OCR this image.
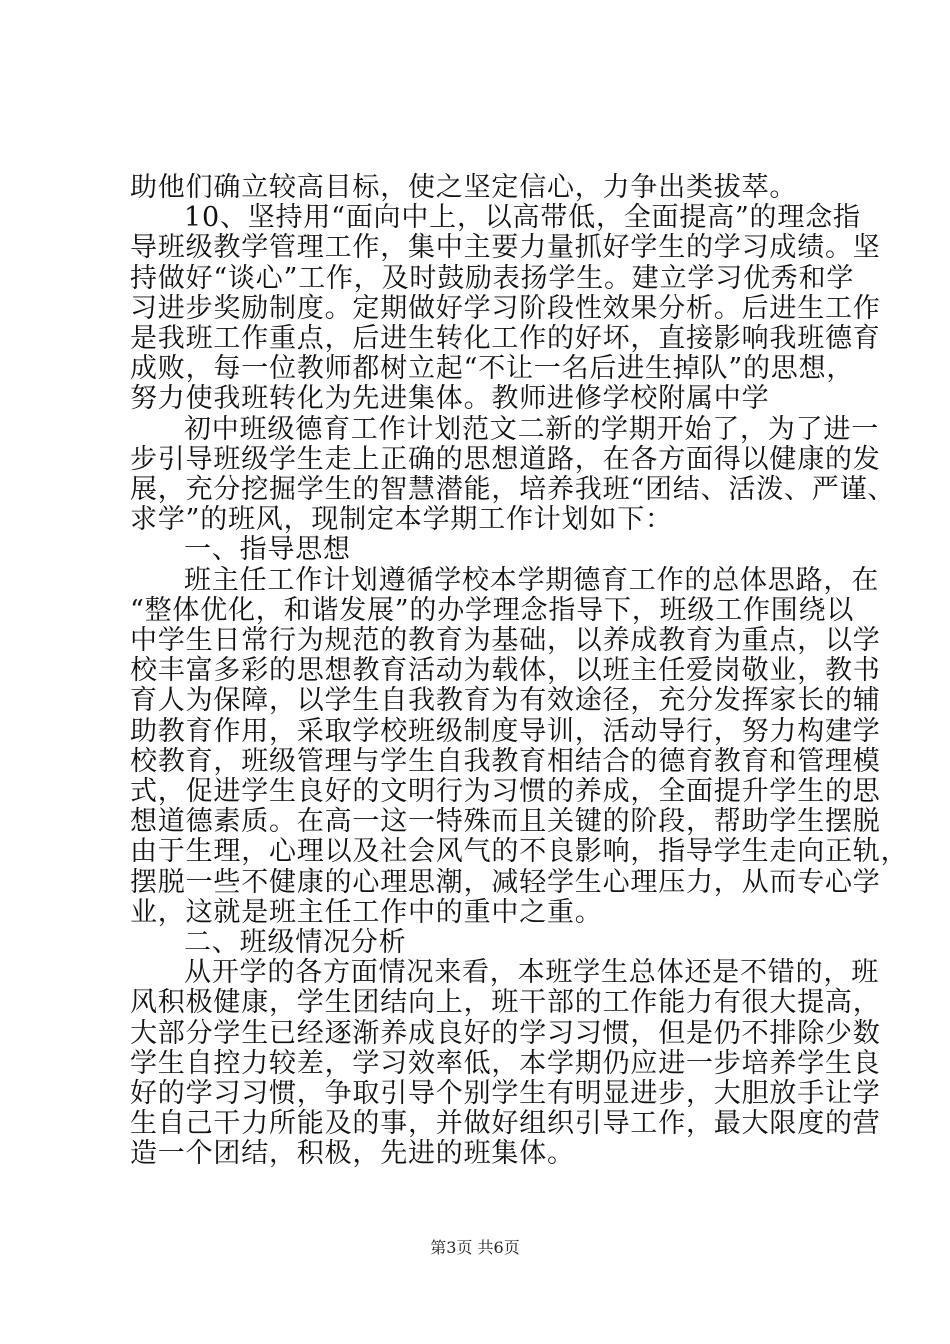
助他们确立较高目标，使之坚定信心，力争出类拔萃。
10、坚持用“面向中上，以高带低，全面提高”的理念指
导班级教学管理工作，集中主要力量抓好学生的学习成绩。坚
持做好“谈心”工作，及时鼓励表扬学生。建立学习优秀和学
习进步奖励制度。定期做好学习阶段性效果分析。后进生工作
是我班工作重点，后进生转化工作的好坏，直接影响我班德育
成败，每一位教师都树立起“不让一名后进生掉队”的思想，
努力使我班转化为先进集体。教师进修学校附属中学
初中班级德育工作计划范文二新的学期开始了，为了进一
步引导班级学生走上正确的思想道路，在各方面得以健康的发
展，充分挖掘学生的智慧潜能，培养我班“团结、活泼、严谨、
求学”的班风，现制定本学期工作计划如下：
一、指导思想
班主任工作计划遵循学校本学期德育工作的总体思路，在
“整体优化，和谐发展”的办学理念指导下，班级工作围绕以
中学生日常行为规范的教育为基础，以养成教育为重点，以学
校丰富多彩的思想教育活动为载体，以班主任爱岗敬业，教书
育人为保障，以学生自我教育为有效途径，充分发挥家长的辅
助教育作用，采取学校班级制度导训，活动导行，努力构建学
校教育，班级管理与学生自我教育相结合的德育教育和管理模
式，促进学生良好的文明行为习惯的养成，全面提升学生的思
想道德素质。在高一这一特殊而且关键的阶段，帮助学生摆脱
由于生理，心理以及社会风气的不良影响，指导学生走向正轨，
摆脱一些不健康的心理思潮，减轻学生心理压力，从而专心学
业，这就是班主任工作中的重中之重。
二、班级情况分析
从开学的各方面情况来看，本班学生总体还是不错的，班
风积极健康，学生团结向上，班干部的工作能力有很大提高，
大部分学生已经逐渐养成良好的学习习惯，但是仍不排除少数
学生自控力较差，学习效率低，本学期仍应进一步培养学生良
好的学习习惯，争取引导个别学生有明显进步，大胆放手让学
生自己干力所能及的事，并做好组织引导工作，最大限度的营
第3页 共6页
造一个团结，积极，先进的班集体。
